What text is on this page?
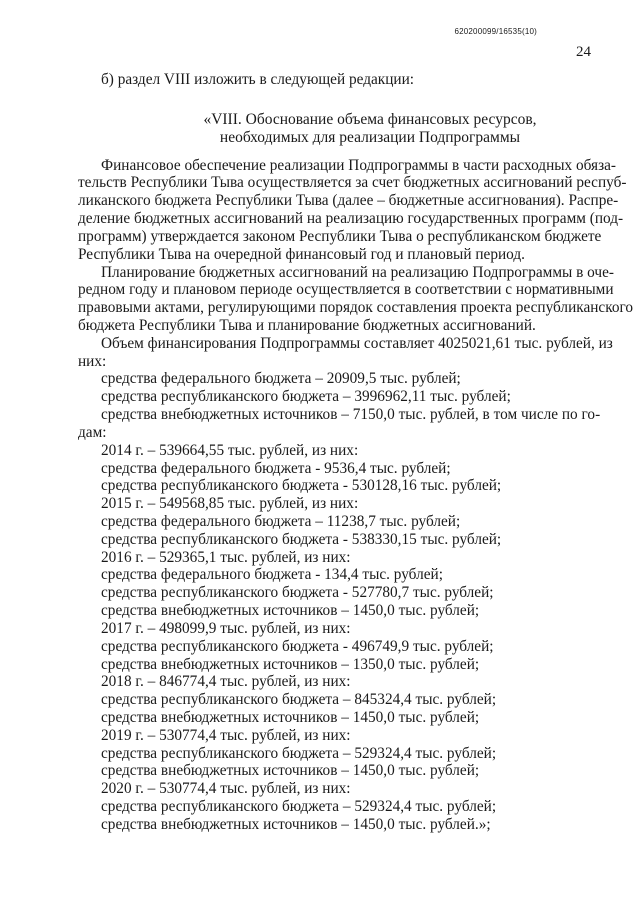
620200099/16535(10)
24
б) раздел VIII изложить в следующей редакции:
«VIII. Обоснование объема финансовых ресурсов,
необходимых для реализации Подпрограммы
Финансовое обеспечение реализации Подпрограммы в части расходных обяза-
тельств Республики Тыва осуществляется за счет бюджетных ассигнований респуб-
ликанского бюджета Республики Тыва (далее – бюджетные ассигнования). Распре-
деление бюджетных ассигнований на реализацию государственных программ (под-
программ) утверждается законом Республики Тыва о республиканском бюджете
Республики Тыва на очередной финансовый год и плановый период.
Планирование бюджетных ассигнований на реализацию Подпрограммы в оче-
редном году и плановом периоде осуществляется в соответствии с нормативными
правовыми актами, регулирующими порядок составления проекта республиканского
бюджета Республики Тыва и планирование бюджетных ассигнований.
Объем финансирования Подпрограммы составляет 4025021,61 тыс. рублей, из
них:
средства федерального бюджета – 20909,5 тыс. рублей;
средства республиканского бюджета – 3996962,11 тыс. рублей;
средства внебюджетных источников – 7150,0 тыс. рублей, в том числе по го-
дам:
2014 г. – 539664,55 тыс. рублей, из них:
средства федерального бюджета - 9536,4 тыс. рублей;
средства республиканского бюджета - 530128,16 тыс. рублей;
2015 г. – 549568,85 тыс. рублей, из них:
средства федерального бюджета – 11238,7 тыс. рублей;
средства республиканского бюджета - 538330,15 тыс. рублей;
2016 г. – 529365,1 тыс. рублей, из них:
средства федерального бюджета - 134,4 тыс. рублей;
средства республиканского бюджета - 527780,7 тыс. рублей;
средства внебюджетных источников – 1450,0 тыс. рублей;
2017 г. – 498099,9 тыс. рублей, из них:
средства республиканского бюджета - 496749,9 тыс. рублей;
средства внебюджетных источников – 1350,0 тыс. рублей;
2018 г. – 846774,4 тыс. рублей, из них:
средства республиканского бюджета – 845324,4 тыс. рублей;
средства внебюджетных источников – 1450,0 тыс. рублей;
2019 г. – 530774,4 тыс. рублей, из них:
средства республиканского бюджета – 529324,4 тыс. рублей;
средства внебюджетных источников – 1450,0 тыс. рублей;
2020 г. – 530774,4 тыс. рублей, из них:
средства республиканского бюджета – 529324,4 тыс. рублей;
средства внебюджетных источников – 1450,0 тыс. рублей.»;
